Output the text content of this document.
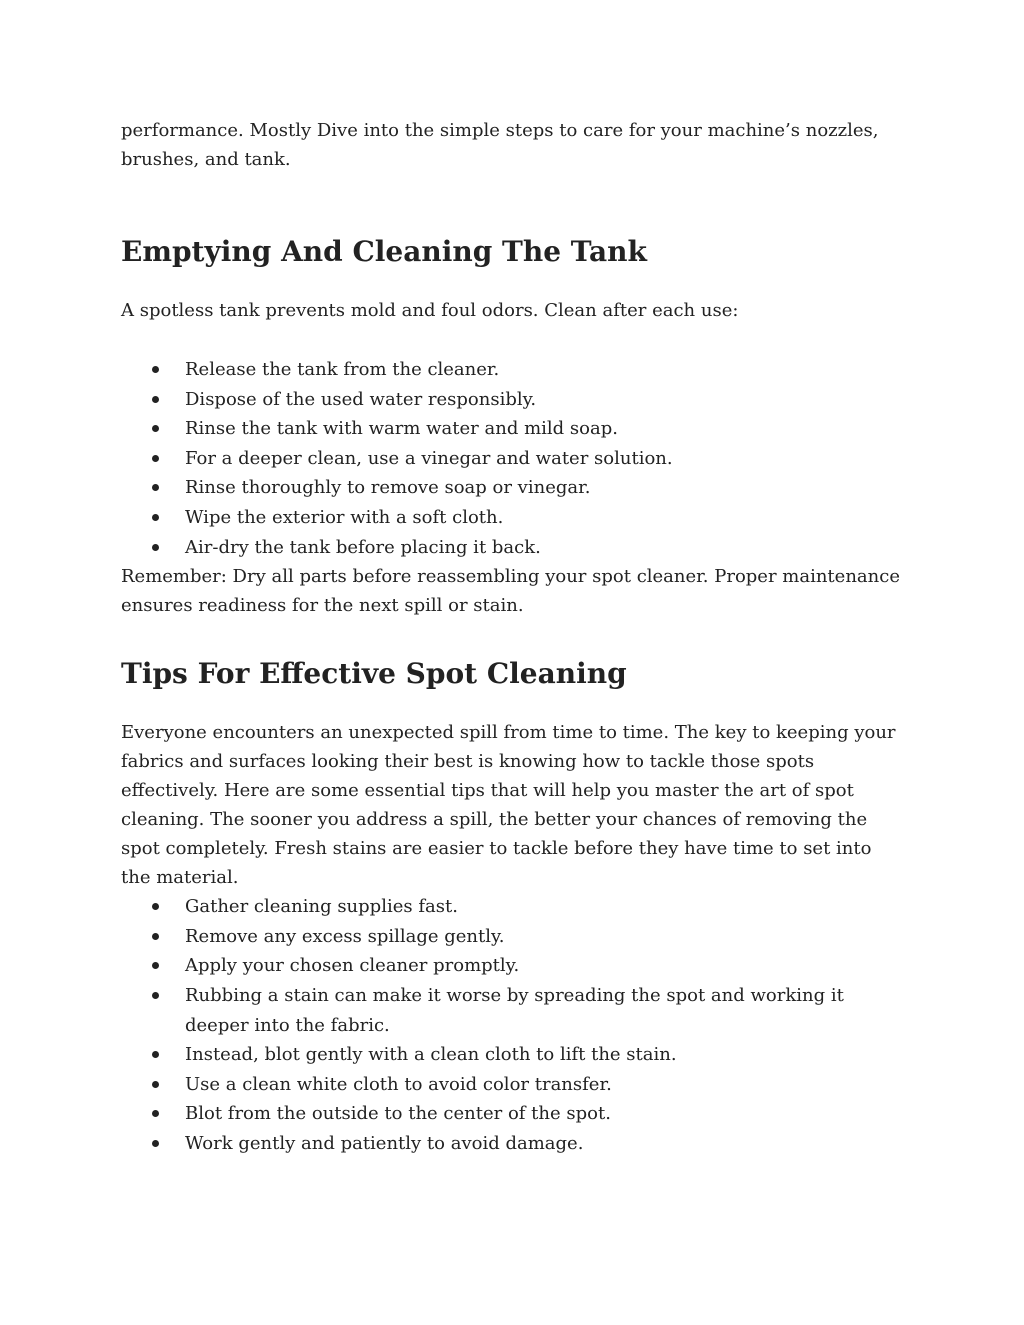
performance. Mostly Dive into the simple steps to care for your machine’s nozzles, brushes, and tank.

Emptying And Cleaning The Tank

A spotless tank prevents mold and foul odors. Clean after each use:

Release the tank from the cleaner.
Dispose of the used water responsibly.
Rinse the tank with warm water and mild soap.
For a deeper clean, use a vinegar and water solution.
Rinse thoroughly to remove soap or vinegar.
Wipe the exterior with a soft cloth.
Air-dry the tank before placing it back.

Remember: Dry all parts before reassembling your spot cleaner. Proper maintenance ensures readiness for the next spill or stain.

Tips For Effective Spot Cleaning

Everyone encounters an unexpected spill from time to time. The key to keeping your fabrics and surfaces looking their best is knowing how to tackle those spots effectively. Here are some essential tips that will help you master the art of spot cleaning. The sooner you address a spill, the better your chances of removing the spot completely. Fresh stains are easier to tackle before they have time to set into the material.

Gather cleaning supplies fast.
Remove any excess spillage gently.
Apply your chosen cleaner promptly.
Rubbing a stain can make it worse by spreading the spot and working it deeper into the fabric.
Instead, blot gently with a clean cloth to lift the stain.
Use a clean white cloth to avoid color transfer.
Blot from the outside to the center of the spot.
Work gently and patiently to avoid damage.
